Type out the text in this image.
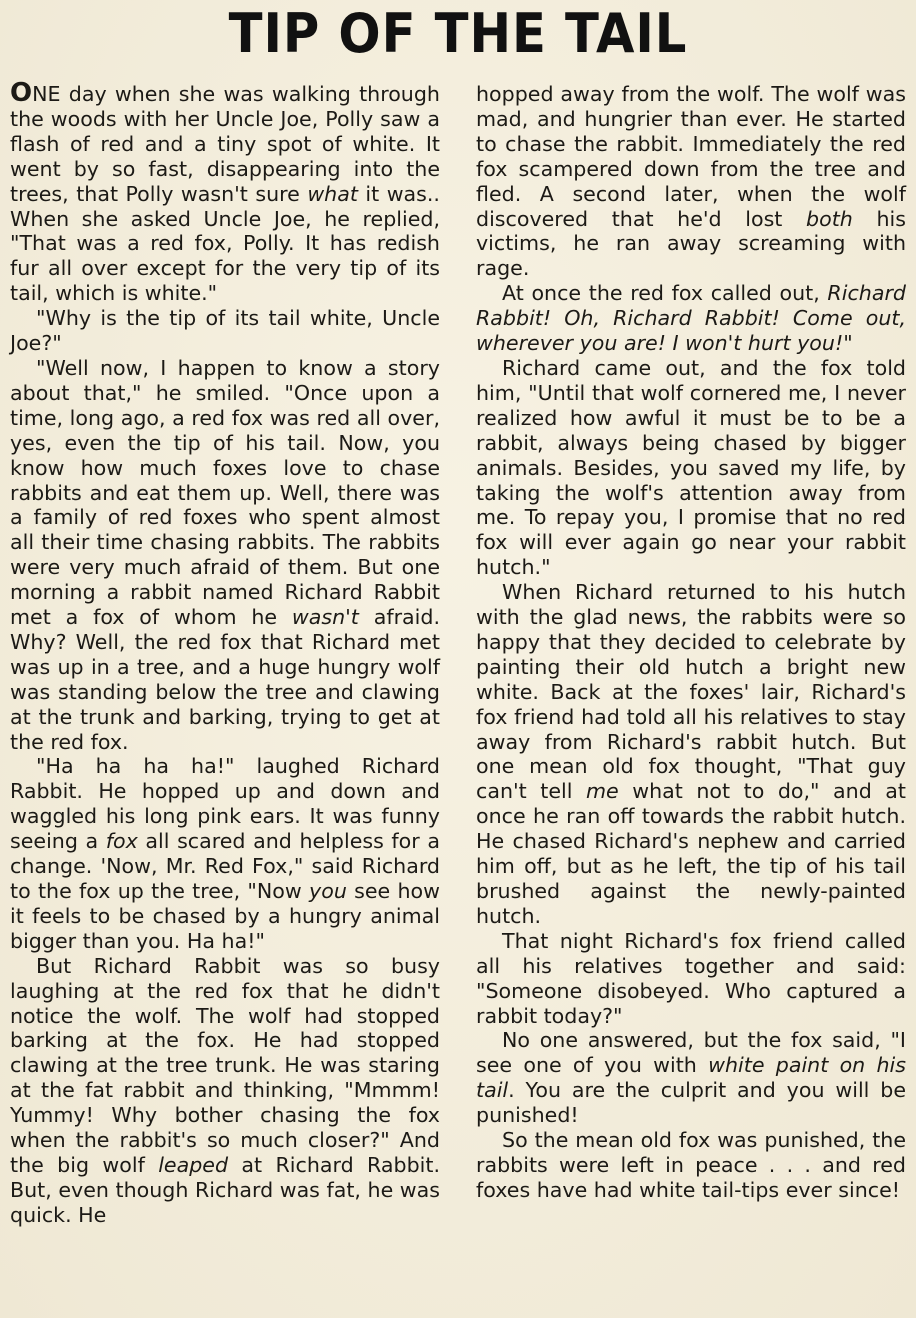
TIP OF THE TAIL

ONE day when she was walking through the woods with her Uncle Joe, Polly saw a flash of red and a tiny spot of white. It went by so fast, disappearing into the trees, that Polly wasn't sure what it was.. When she asked Uncle Joe, he replied, "That was a red fox, Polly. It has redish fur all over except for the very tip of its tail, which is white."

"Why is the tip of its tail white, Uncle Joe?"

"Well now, I happen to know a story about that," he smiled. "Once upon a time, long ago, a red fox was red all over, yes, even the tip of his tail. Now, you know how much foxes love to chase rabbits and eat them up. Well, there was a family of red foxes who spent almost all their time chasing rabbits. The rabbits were very much afraid of them. But one morning a rabbit named Richard Rabbit met a fox of whom he wasn't afraid. Why? Well, the red fox that Richard met was up in a tree, and a huge hungry wolf was standing below the tree and clawing at the trunk and barking, trying to get at the red fox.

"Ha ha ha ha!" laughed Richard Rabbit. He hopped up and down and waggled his long pink ears. It was funny seeing a fox all scared and helpless for a change. 'Now, Mr. Red Fox," said Richard to the fox up the tree, "Now you see how it feels to be chased by a hungry animal bigger than you. Ha ha!"

But Richard Rabbit was so busy laughing at the red fox that he didn't notice the wolf. The wolf had stopped barking at the fox. He had stopped clawing at the tree trunk. He was staring at the fat rabbit and thinking, "Mmmm! Yummy! Why bother chasing the fox when the rabbit's so much closer?" And the big wolf leaped at Richard Rabbit. But, even though Richard was fat, he was quick. He

hopped away from the wolf. The wolf was mad, and hungrier than ever. He started to chase the rabbit. Immediately the red fox scampered down from the tree and fled. A second later, when the wolf discovered that he'd lost both his victims, he ran away screaming with rage.

At once the red fox called out, Richard Rabbit! Oh, Richard Rabbit! Come out, wherever you are! I won't hurt you!"

Richard came out, and the fox told him, "Until that wolf cornered me, I never realized how awful it must be to be a rabbit, always being chased by bigger animals. Besides, you saved my life, by taking the wolf's attention away from me. To repay you, I promise that no red fox will ever again go near your rabbit hutch."

When Richard returned to his hutch with the glad news, the rabbits were so happy that they decided to celebrate by painting their old hutch a bright new white. Back at the foxes' lair, Richard's fox friend had told all his relatives to stay away from Richard's rabbit hutch. But one mean old fox thought, "That guy can't tell me what not to do," and at once he ran off towards the rabbit hutch. He chased Richard's nephew and carried him off, but as he left, the tip of his tail brushed against the newly-painted hutch.

That night Richard's fox friend called all his relatives together and said: "Someone disobeyed. Who captured a rabbit today?"

No one answered, but the fox said, "I see one of you with white paint on his tail. You are the culprit and you will be punished!

So the mean old fox was punished, the rabbits were left in peace . . . and red foxes have had white tail-tips ever since!
